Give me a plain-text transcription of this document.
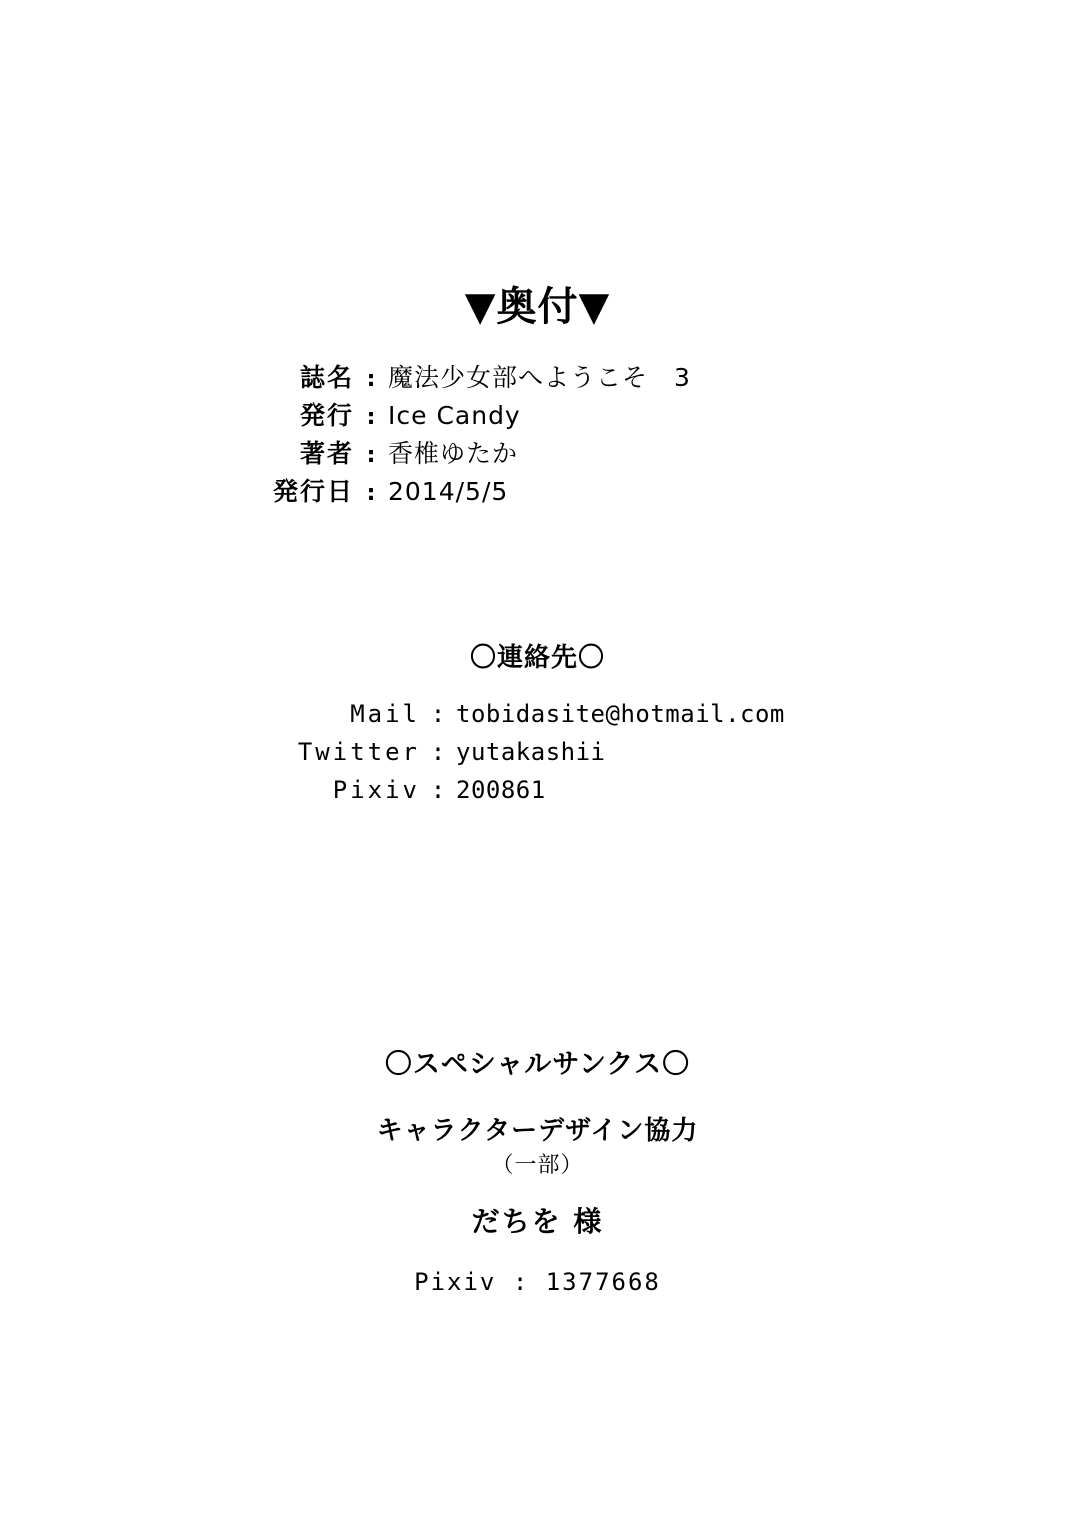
▼奥付▼
誌名 : 魔法少女部へようこそ　3
発行 : Ice Candy
著者 : 香椎ゆたか
発行日 : 2014/5/5
〇連絡先〇
Mail : tobidasite@hotmail.com
Twitter : yutakashii
Pixiv : 200861
〇スペシャルサンクス〇
キャラクターデザイン協力
（一部）
だちを 様
Pixiv : 1377668
